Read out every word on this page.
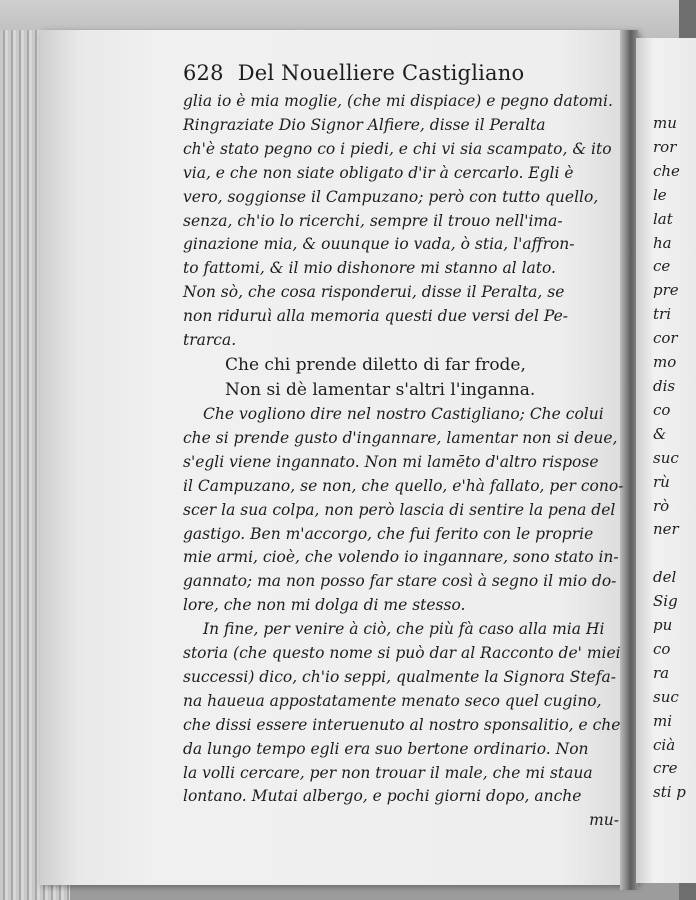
628 Del Nouelliere Castigliano
glia io è mia moglie, (che mi dispiace) e pegno datomi. Ringraziate Dio Signor Alfiere, disse il Peralta
ch'è stato pegno co i piedi, e chi vi sia scampato, & ito
via, e che non siate obligato d'ir à cercarlo. Egli è
vero, soggionse il Campuzano; però con tutto quello, senza, ch'io lo ricerchi, sempre il trouo nell'ima-
ginazione mia, & ouunque io vada, ò stia, l'affron-
to fattomi, & il mio dishonore mi stanno al lato.
Non sò, che cosa risponderui, disse il Peralta, se
non riduruì alla memoria questi due versi del Pe-
trarca.
Che chi prende diletto di far frode,
Non si dè lamentar s'altri l'inganna.
Che vogliono dire nel nostro Castigliano; Che colui
che si prende gusto d'ingannare, lamentar non si deue,
s'egli viene ingannato. Non mi lamēto d'altro rispose
il Campuzano, se non, che quello, e'hà fallato, per cono-
scer la sua colpa, non però lascia di sentire la pena del
gastigo. Ben m'accorgo, che fui ferito con le proprie
mie armi, cioè, che volendo io ingannare, sono stato in-
gannato; ma non posso far stare così à segno il mio do-
lore, che non mi dolga di me stesso.
In fine, per venire à ciò, che più fà caso alla mia Hi
storia (che questo nome si può dar al Racconto de' miei
successi) dico, ch'io seppi, qualmente la Signora Stefa-
na haueua appostatamente menato seco quel cugino,
che dissi essere interuenuto al nostro sponsalitio, e che
da lungo tempo egli era suo bertone ordinario. Non
la volli cercare, per non trouar il male, che mi staua
lontano. Mutai albergo, e pochi giorni dopo, anche
mu-
mu
ror
che
le
lat
ha
ce
pre
tri
cor
mo
dis
co
&
suc
rù
rò
ner

del
Sig
pu
co
ra
suc
mi
cià
cre
sti p
